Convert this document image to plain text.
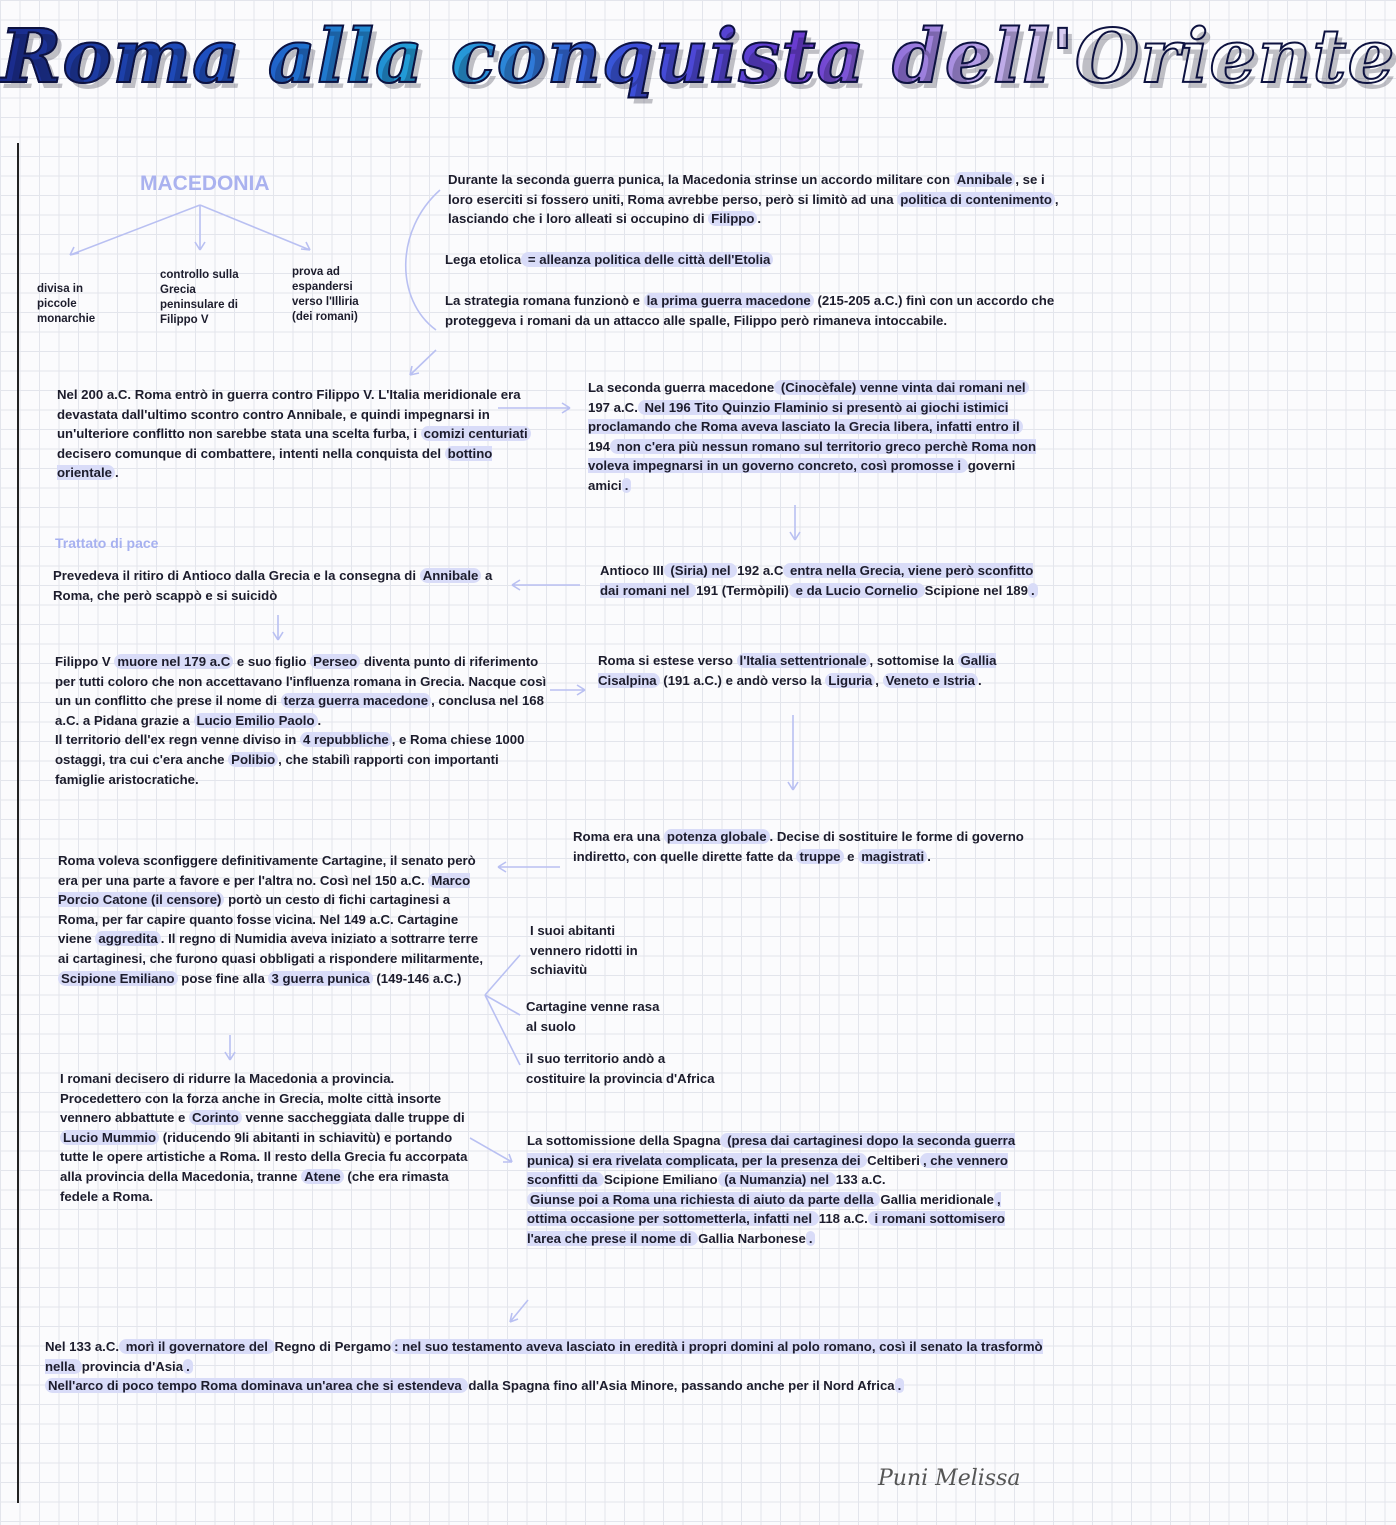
Roma alla conquista dell'Oriente
MACEDONIA
divisa in piccole monarchie
controllo sulla Grecia peninsulare di Filippo V
prova ad espandersi verso l'Illiria (dei romani)
Durante la seconda guerra punica, la Macedonia strinse un accordo militare con Annibale , se i loro eserciti si fossero uniti, Roma avrebbe perso, però si limitò ad una politica di contenimento , lasciando che i loro alleati si occupino di Filippo .
Lega etolica = alleanza politica delle città dell'Etolia
La strategia romana funzionò e la prima guerra macedone (215-205 a.C.) finì con un accordo che proteggeva i romani da un attacco alle spalle, Filippo però rimaneva intoccabile.
Nel 200 a.C. Roma entrò in guerra contro Filippo V. L'Italia meridionale era devastata dall'ultimo scontro contro Annibale, e quindi impegnarsi in un'ulteriore conflitto non sarebbe stata una scelta furba, i comizi centuriati decisero comunque di combattere, intenti nella conquista del bottino orientale .
La seconda guerra macedone (Cinocèfale) venne vinta dai romani nel 197 a.C. Nel 196 Tito Quinzio Flaminio si presentò ai giochi istimici proclamando che Roma aveva lasciato la Grecia libera, infatti entro il 194 non c'era più nessun romano sul territorio greco perchè Roma non voleva impegnarsi in un governo concreto, così promosse i governi amici .
Trattato di pace
Prevedeva il ritiro di Antioco dalla Grecia e la consegna di Annibale a Roma, che però scappò e si suicidò
Antioco III (Siria) nel 192 a.C entra nella Grecia, viene però sconfitto dai romani nel 191 (Termòpili) e da Lucio Cornelio Scipione nel 189 .
Filippo V muore nel 179 a.C e suo figlio Perseo diventa punto di riferimento per tutti coloro che non accettavano l'influenza romana in Grecia. Nacque così un un conflitto che prese il nome di terza guerra macedone , conclusa nel 168 a.C. a Pidana grazie a Lucio Emilio Paolo .
Il territorio dell'ex regn venne diviso in 4 repubbliche , e Roma chiese 1000 ostaggi, tra cui c'era anche Polibio , che stabilì rapporti con importanti famiglie aristocratiche.
Roma si estese verso l'Italia settentrionale , sottomise la Gallia Cisalpina (191 a.C.) e andò verso la Liguria , Veneto e Istria .
Roma era una potenza globale . Decise di sostituire le forme di governo indiretto, con quelle dirette fatte da truppe e magistrati .
Roma voleva sconfiggere definitivamente Cartagine, il senato però era per una parte a favore e per l'altra no. Così nel 150 a.C. Marco Porcio Catone (il censore) portò un cesto di fichi cartaginesi a Roma, per far capire quanto fosse vicina. Nel 149 a.C. Cartagine viene aggredita . Il regno di Numidia aveva iniziato a sottrarre terre ai cartaginesi, che furono quasi obbligati a rispondere militarmente, Scipione Emiliano pose fine alla 3 guerra punica (149-146 a.C.)
I suoi abitanti vennero ridotti in schiavitù
Cartagine venne rasa al suolo
il suo territorio andò a costituire la provincia d'Africa
I romani decisero di ridurre la Macedonia a provincia. Procedettero con la forza anche in Grecia, molte città insorte vennero abbattute e Corinto venne saccheggiata dalle truppe di Lucio Mummio (riducendo 9li abitanti in schiavitù) e portando tutte le opere artistiche a Roma. Il resto della Grecia fu accorpata alla provincia della Macedonia, tranne Atene (che era rimasta fedele a Roma.
La sottomissione della Spagna (presa dai cartaginesi dopo la seconda guerra punica) si era rivelata complicata, per la presenza dei Celtiberi , che vennero sconfitti da Scipione Emiliano (a Numanzia) nel 133 a.C.
Giunse poi a Roma una richiesta di aiuto da parte della Gallia meridionale , ottima occasione per sottometterla, infatti nel 118 a.C. i romani sottomisero l'area che prese il nome di Gallia Narbonese .
Nel 133 a.C. morì il governatore del Regno di Pergamo : nel suo testamento aveva lasciato in eredità i propri domini al polo romano, così il senato la trasformò nella provincia d'Asia .
Nell'arco di poco tempo Roma dominava un'area che si estendeva dalla Spagna fino all'Asia Minore, passando anche per il Nord Africa .
Puni Melissa
